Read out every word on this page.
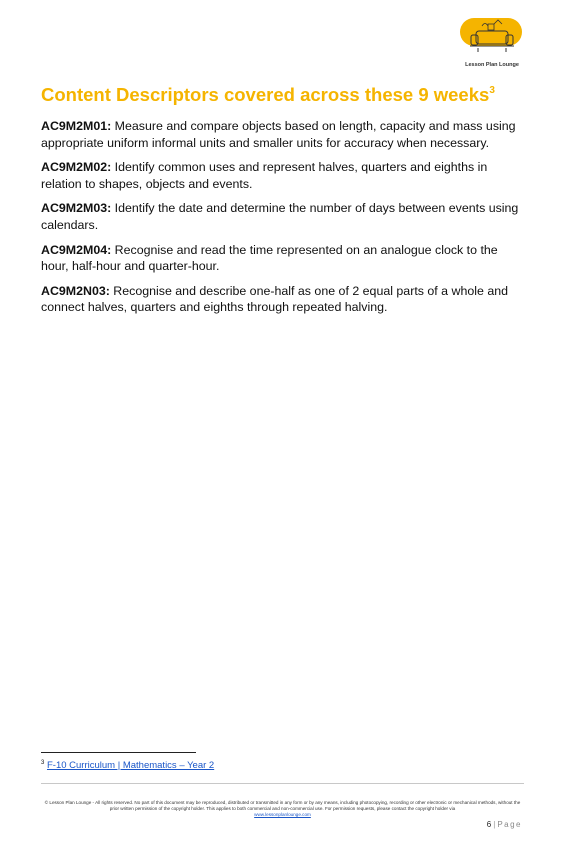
Lesson Plan Lounge
Content Descriptors covered across these 9 weeks$^3$

AC9M2M01: Measure and compare objects based on length, capacity and mass using appropriate uniform informal units and smaller units for accuracy when necessary.

AC9M2M02: Identify common uses and represent halves, quarters and eighths in relation to shapes, objects and events.

AC9M2M03: Identify the date and determine the number of days between events using calendars.

AC9M2M04: Recognise and read the time represented on an analogue clock to the hour, half-hour and quarter-hour.

AC9M2N03: Recognise and describe one-half as one of 2 equal parts of a whole and connect halves, quarters and eighths through repeated halving.

$^3$ F-10 Curriculum | Mathematics – Year 2
© Lesson Plan Lounge - All rights reserved. No part of this document may be reproduced, distributed or transmitted in any form or by any means, including photocopying, recording or other electronic or mechanical methods, without the prior written permission of the copyright holder. This applies to both commercial and non-commercial use. For permission requests, please contact the copyright holder via
www.lessonplanlounge.com
6 | Page
